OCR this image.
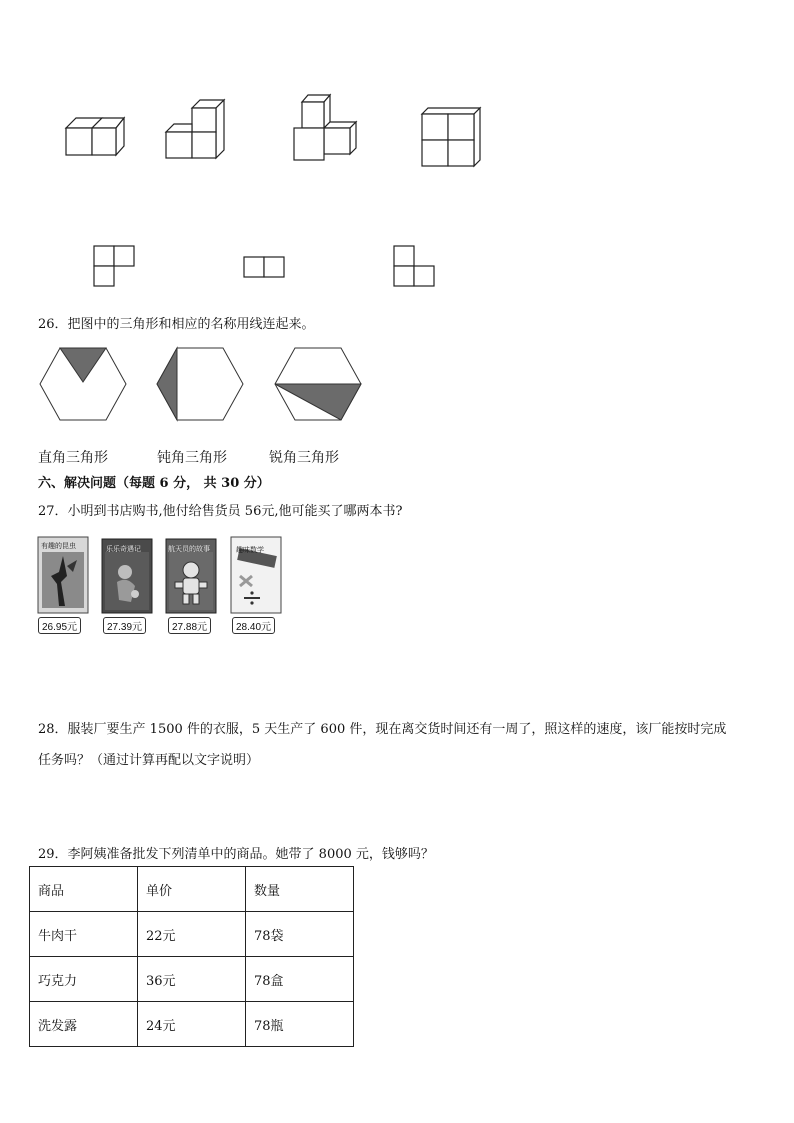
26．把图中的三角形和相应的名称用线连起来。
直角三角形	钝角三角形	锐角三角形
六、解决问题（每题 6 分， 共 30 分）
27．小明到书店购书,他付给售货员 56元,他可能买了哪两本书?
有趣的昆虫
26.95元
乐乐奇遇记
27.39元
航天员的故事
27.88元
趣味数学
28.40元
28．服装厂要生产 1500 件的衣服，5 天生产了 600 件，现在离交货时间还有一周了，照这样的速度，该厂能按时完成
任务吗？（通过计算再配以文字说明）
29．李阿姨准备批发下列清单中的商品。她带了 8000 元，钱够吗？
商品	单价	数量
牛肉干	22元	78袋
巧克力	36元	78盒
洗发露	24元	78瓶
